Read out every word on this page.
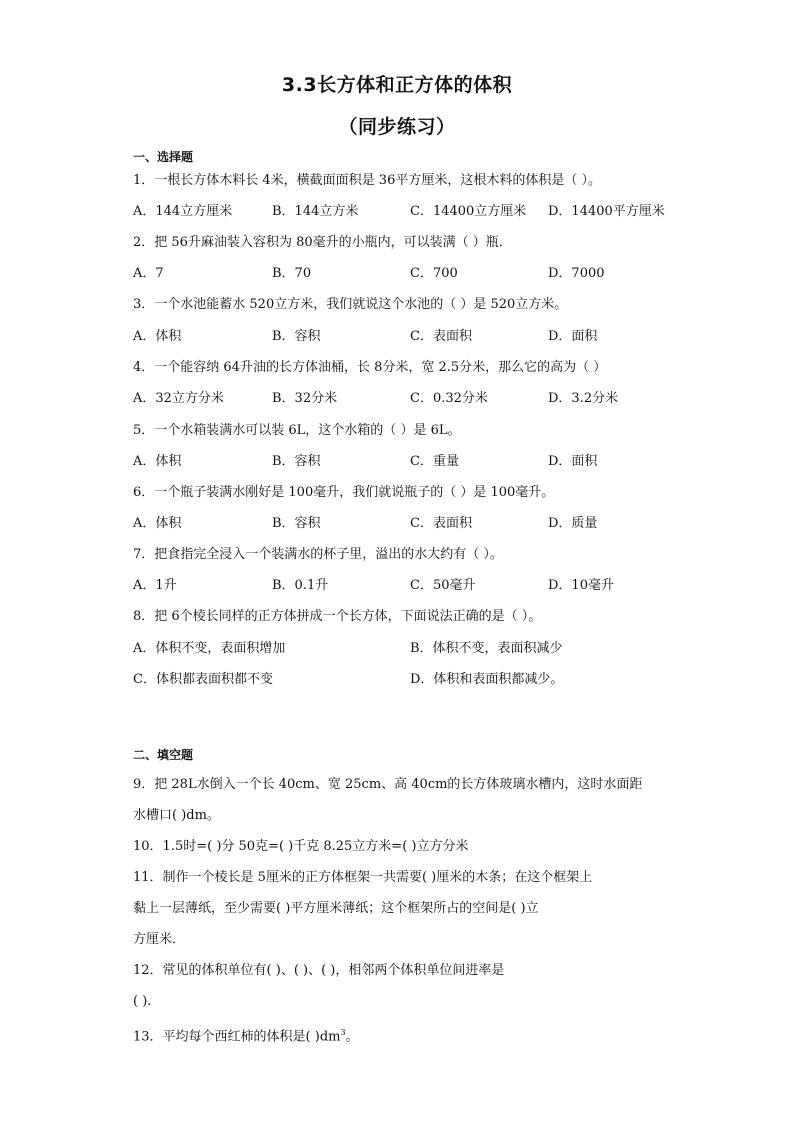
3.3长方体和正方体的体积
（同步练习）
一、选择题
1．一根长方体木料长 4米，横截面面积是 36平方厘米，这根木料的体积是（ ）。
A．144立方厘米	B．144立方米	C．14400立方厘米 D．14400平方厘米
2．把 56升麻油装入容积为 80毫升的小瓶内，可以装满（ ）瓶．
A．7	B．70	C．700	D．7000
3．一个水池能蓄水 520立方米，我们就说这个水池的（ ）是 520立方米。
A．体积	B．容积	C．表面积	D．面积
4．一个能容纳 64升油的长方体油桶，长 8分米，宽 2.5分米，那么它的高为（ ）
A．32立方分米	B．32分米	C．0.32分米	D．3.2分米
5．一个水箱装满水可以装 6L，这个水箱的（ ）是 6L。
A．体积	B．容积	C．重量	D．面积
6．一个瓶子装满水刚好是 100毫升，我们就说瓶子的（ ）是 100毫升。
A．体积	B．容积	C．表面积	D．质量
7．把食指完全浸入一个装满水的杯子里，溢出的水大约有（ ）。
A．1升	B．0.1升	C．50毫升	D．10毫升
8．把 6个棱长同样的正方体拼成一个长方体，下面说法正确的是（ ）。
A．体积不变，表面积增加	B．体积不变，表面积减少
C．体积都表面积都不变	D．体积和表面积都减少。
二、填空题
9．把 28L水倒入一个长 40cm、宽 25cm、高 40cm的长方体玻璃水槽内，这时水面距
水槽口( )dm。
10．1.5时=( )分 50克=( )千克 8.25立方米=( )立方分米
11．制作一个棱长是 5厘米的正方体框架一共需要( )厘米的木条；在这个框架上
黏上一层薄纸，至少需要( )平方厘米薄纸；这个框架所占的空间是( )立
方厘米．
12．常见的体积单位有( )、( )、( )，相邻两个体积单位间进率是
( ).
13．平均每个西红柿的体积是( )$dm^3$。
